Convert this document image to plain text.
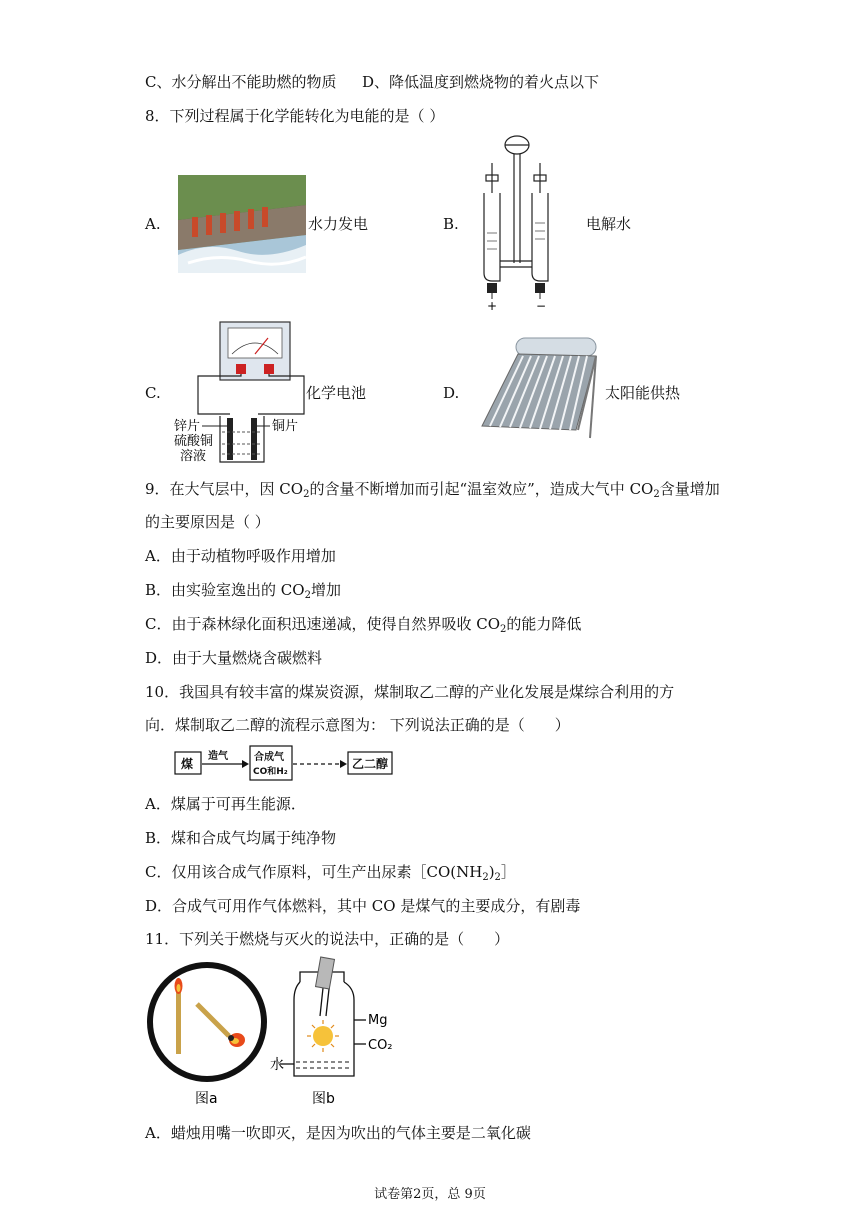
C、水分解出不能助燃的物质 D、降低温度到燃烧物的着火点以下
8．下列过程属于化学能转化为电能的是（ ）
A.	水力发电	B.
+	−
电解水
C.
锌片	铜片
硫酸铜
溶液
化学电池	D.	太阳能供热
9．在大气层中，因 $CO_2$的含量不断增加而引起“温室效应”，造成大气中 $CO_2$含量增加
的主要原因是（ ）
A．由于动植物呼吸作用增加
B．由实验室逸出的 $CO_2$增加
C．由于森林绿化面积迅速递减，使得自然界吸收 $CO_2$的能力降低
D．由于大量燃烧含碳燃料
10．我国具有较丰富的煤炭资源，煤制取乙二醇的产业化发展是煤综合利用的方
向．煤制取乙二醇的流程示意图为： 下列说法正确的是（　　）
煤
造气	合成气
CO和H₂
乙二醇
A．煤属于可再生能源．
B．煤和合成气均属于纯净物
C．仅用该合成气作原料，可生产出尿素$[CO(NH_2)_2]$
D．合成气可用作气体燃料，其中 CO 是煤气的主要成分，有剧毒
11．下列关于燃烧与灭火的说法中，正确的是（　　）
图a
Mg
CO₂
水
图b
A．蜡烛用嘴一吹即灭，是因为吹出的气体主要是二氧化碳
试卷第2页，总 9页
